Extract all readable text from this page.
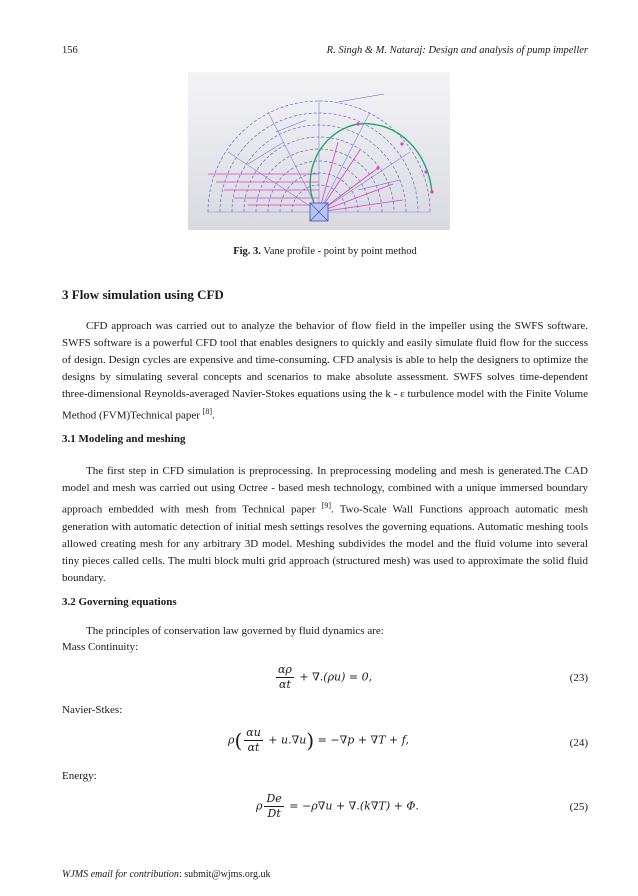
156	R. Singh & M. Nataraj: Design and analysis of pump impeller
Fig. 3. Vane profile - point by point method
3 Flow simulation using CFD

CFD approach was carried out to analyze the behavior of flow field in the impeller using the SWFS software. SWFS software is a powerful CFD tool that enables designers to quickly and easily simulate fluid flow for the success of design. Design cycles are expensive and time-consuming. CFD analysis is able to help the designers to optimize the designs by simulating several concepts and scenarios to make absolute assessment. SWFS solves time-dependent three-dimensional Reynolds-averaged Navier-Stokes equations using the k - ε turbulence model with the Finite Volume Method (FVM)Technical paper [8].

3.1 Modeling and meshing

The first step in CFD simulation is preprocessing. In preprocessing modeling and mesh is generated.The CAD model and mesh was carried out using Octree - based mesh technology, combined with a unique immersed boundary approach embedded with mesh from Technical paper [9]. Two-Scale Wall Functions approach automatic mesh generation with automatic detection of initial mesh settings resolves the governing equations. Automatic meshing tools allowed creating mesh for any arbitrary 3D model. Meshing subdivides the model and the fluid volume into several tiny pieces called cells. The multi block multi grid approach (structured mesh) was used to approximate the solid fluid boundary.

3.2 Governing equations
The principles of conservation law governed by fluid dynamics are:
Mass Continuity:
$\frac{\alpha\rho}{\alpha t} + \nabla.(\rho u) = 0$,	(23)
Navier-Stkes:
$\rho( \frac{\alpha u}{\alpha t} + u.\nabla u) = -\nabla p + \nabla T + f$,	(24)
Energy:
ρ $\frac{De}{Dt} = -\rho\nabla u + \nabla.(k\nabla T) + \Phi$.	(25)
WJMS email for contribution: submit@wjms.org.uk
